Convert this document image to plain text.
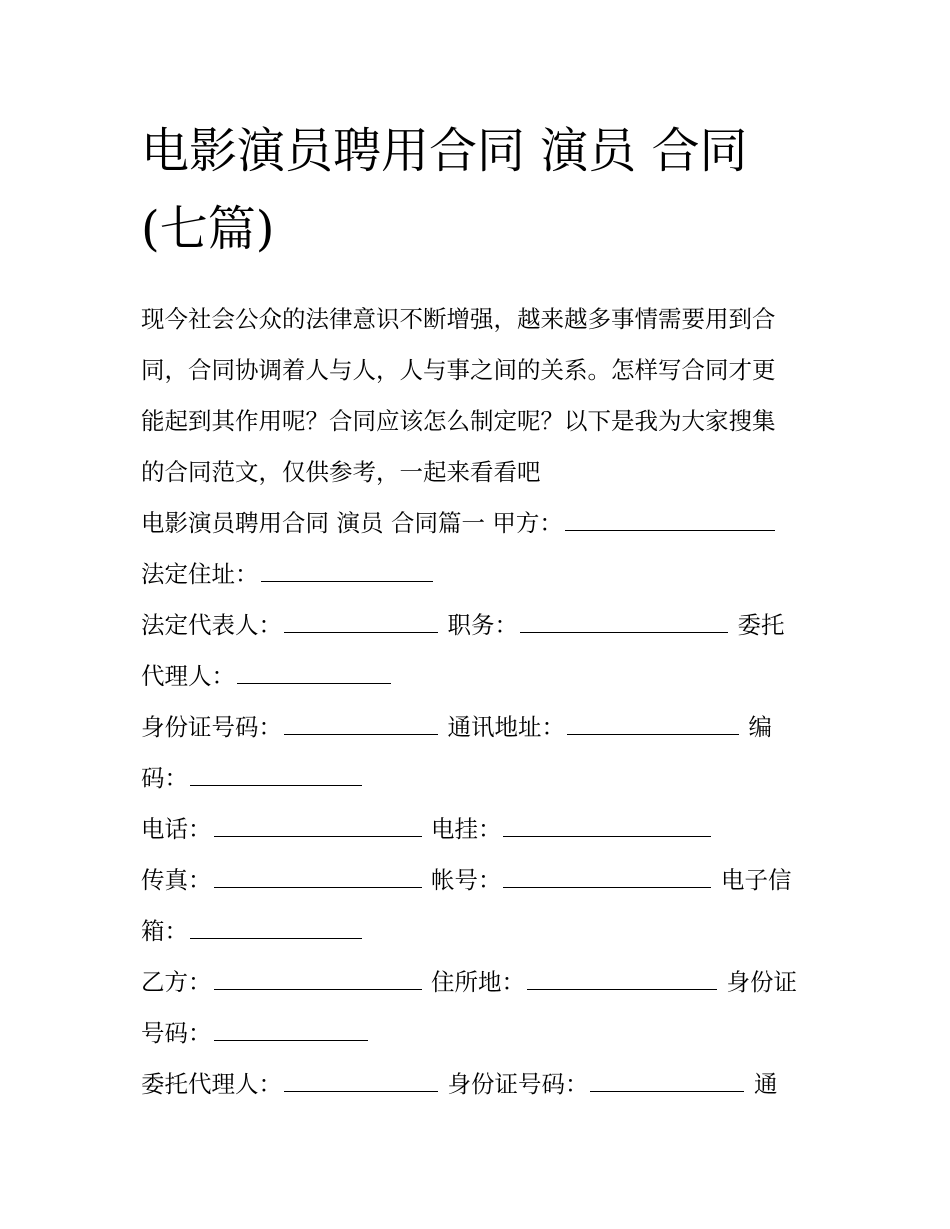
电影演员聘用合同 演员 合同
(七篇)

现今社会公众的法律意识不断增强，越来越多事情需要用到合
同，合同协调着人与人，人与事之间的关系。怎样写合同才更
能起到其作用呢？合同应该怎么制定呢？以下是我为大家搜集
的合同范文，仅供参考，一起来看看吧

电影演员聘用合同 演员 合同篇一 甲方：
法定住址：
法定代表人：	职务：	委托
代理人：
身份证号码：	通讯地址：	编
码：
电话：	电挂：
传真：	帐号：	电子信
箱：
乙方：	住所地：	身份证
号码：
委托代理人：	身份证号码：	通
